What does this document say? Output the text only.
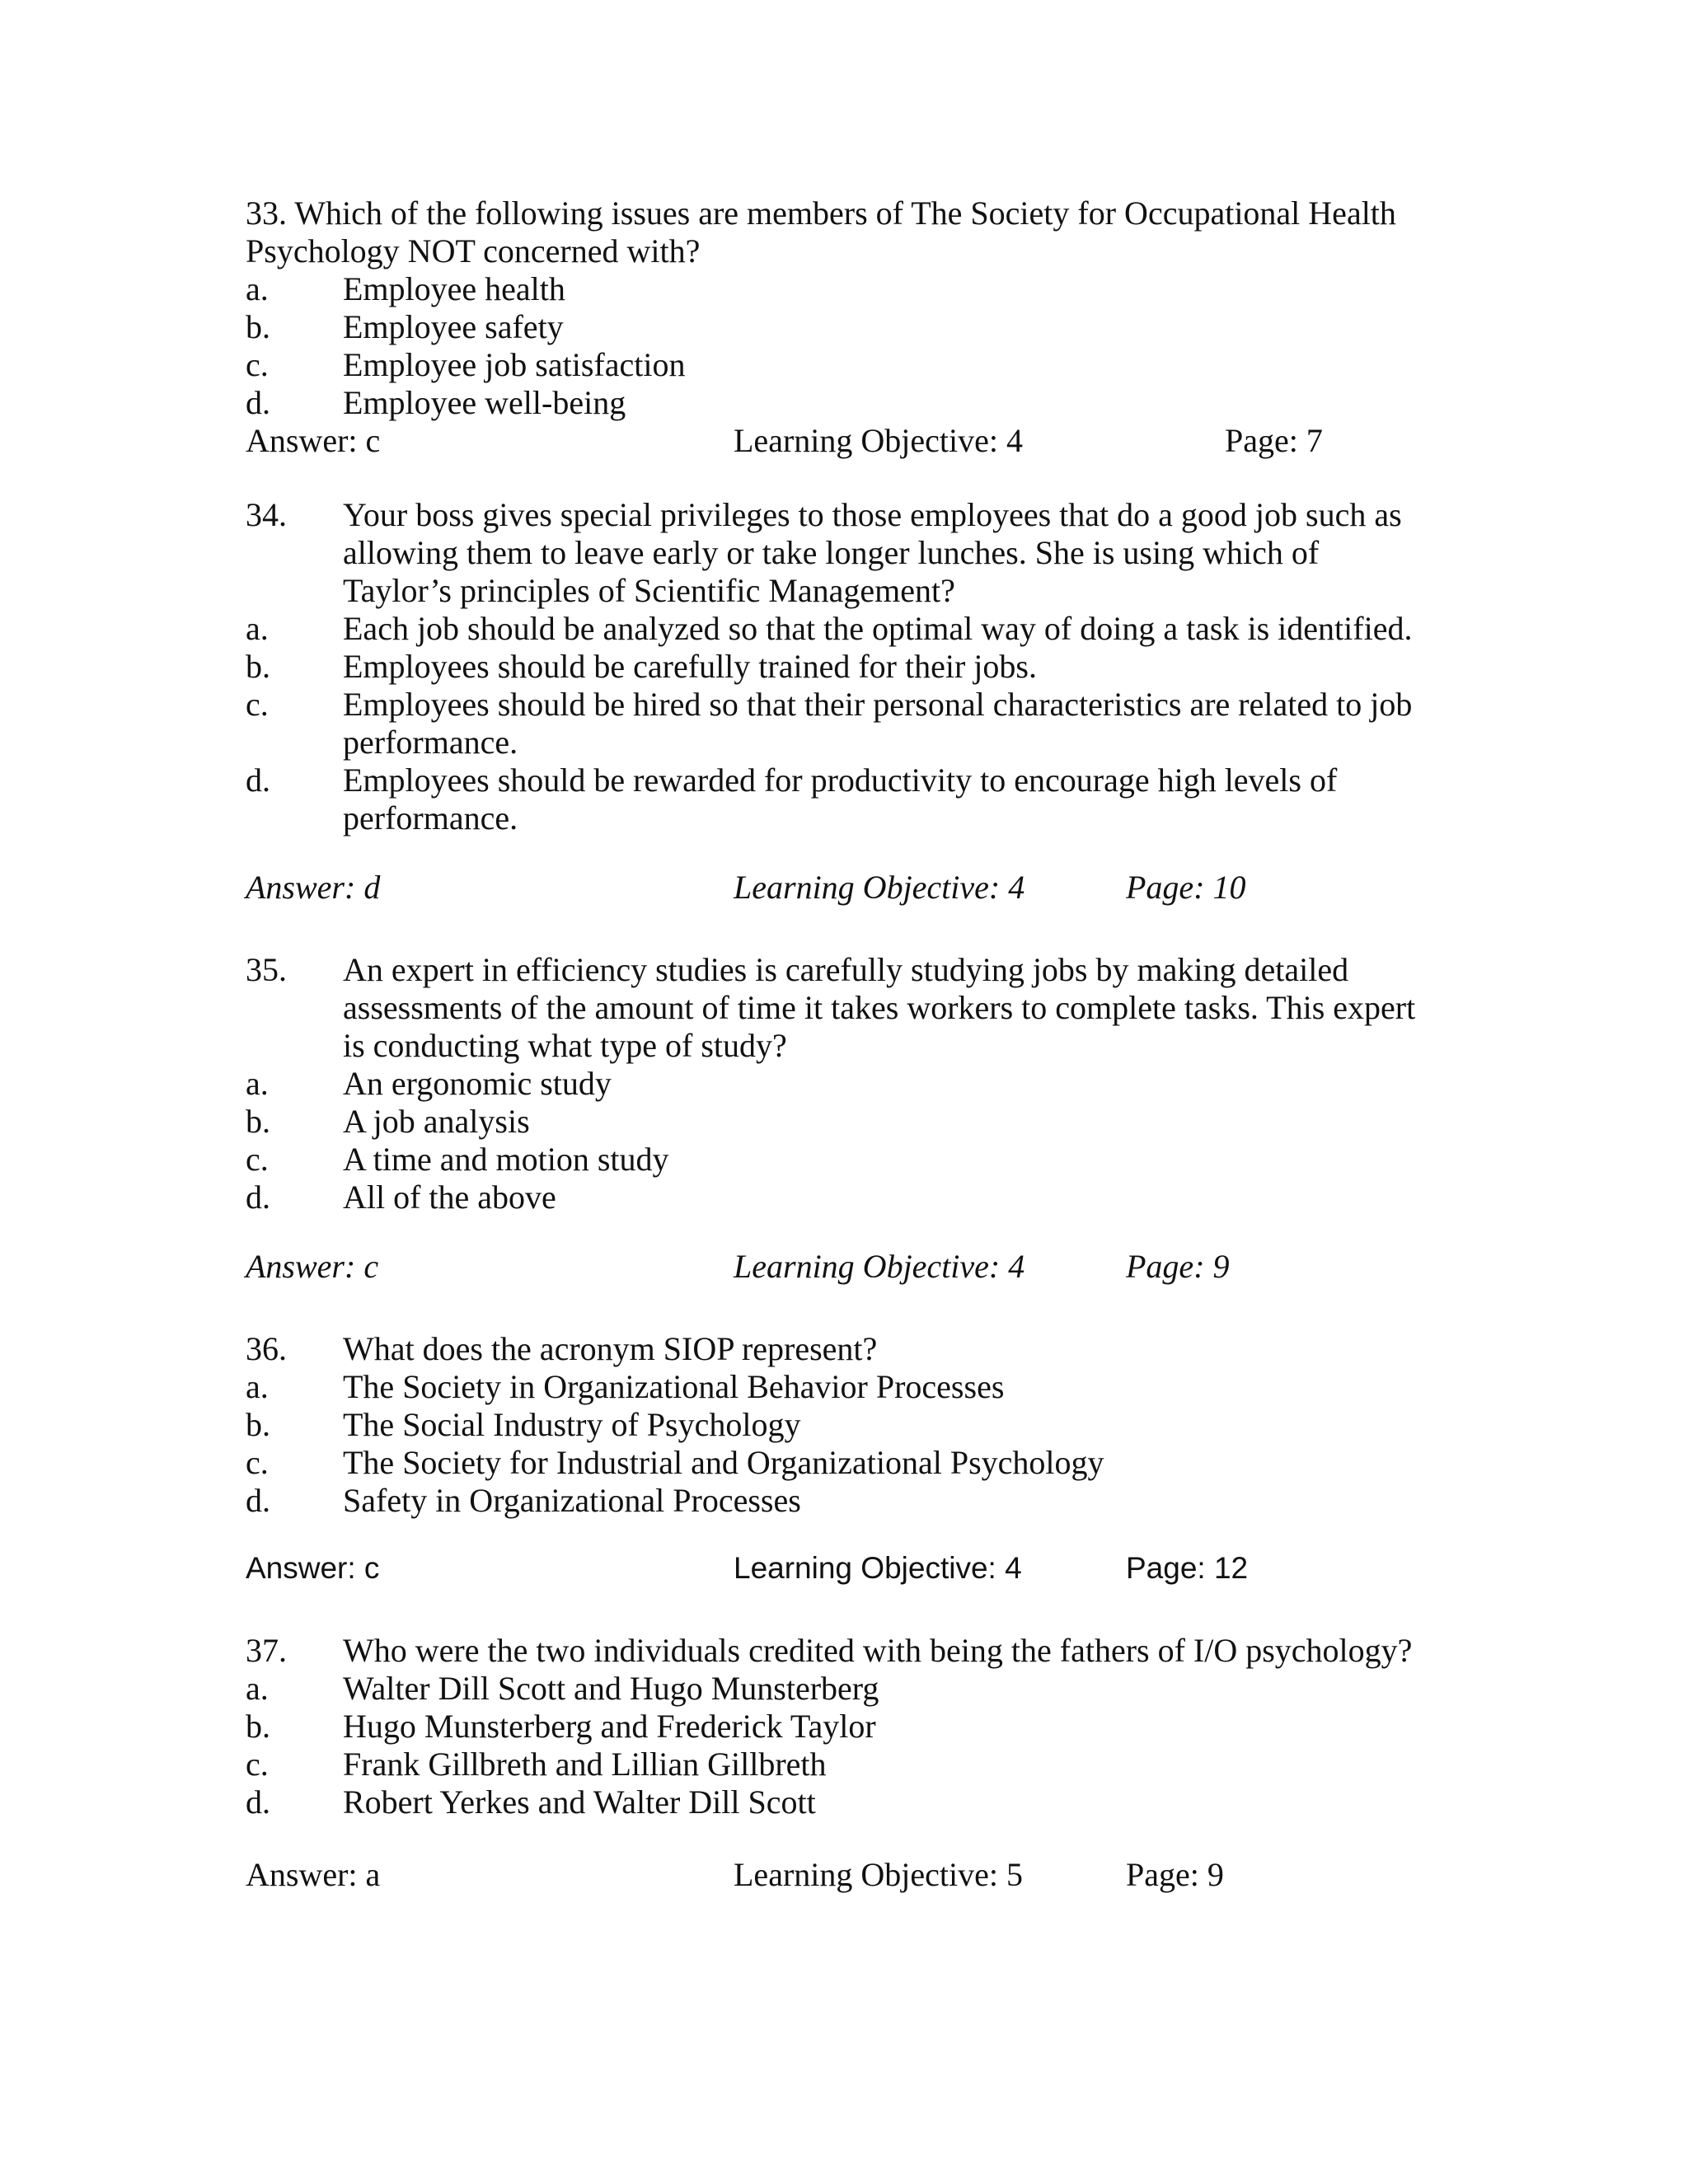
33. Which of the following issues are members of The Society for Occupational Health
Psychology NOT concerned with?
a. Employee health
b. Employee safety
c. Employee job satisfaction
d. Employee well-being
Answer: c	Learning Objective: 4	Page: 7
34. Your boss gives special privileges to those employees that do a good job such as
allowing them to leave early or take longer lunches. She is using which of
Taylor’s principles of Scientific Management?
a. Each job should be analyzed so that the optimal way of doing a task is identified.
b. Employees should be carefully trained for their jobs.
c. Employees should be hired so that their personal characteristics are related to job
performance.
d. Employees should be rewarded for productivity to encourage high levels of
performance.
Answer: d	Learning Objective: 4	Page: 10
35. An expert in efficiency studies is carefully studying jobs by making detailed
assessments of the amount of time it takes workers to complete tasks. This expert
is conducting what type of study?
a. An ergonomic study
b. A job analysis
c. A time and motion study
d. All of the above
Answer: c	Learning Objective: 4	Page: 9
36. What does the acronym SIOP represent?
a. The Society in Organizational Behavior Processes
b. The Social Industry of Psychology
c. The Society for Industrial and Organizational Psychology
d. Safety in Organizational Processes
Answer: c	Learning Objective: 4	Page: 12
37. Who were the two individuals credited with being the fathers of I/O psychology?
a. Walter Dill Scott and Hugo Munsterberg
b. Hugo Munsterberg and Frederick Taylor
c. Frank Gillbreth and Lillian Gillbreth
d. Robert Yerkes and Walter Dill Scott
Answer: a	Learning Objective: 5	Page: 9
